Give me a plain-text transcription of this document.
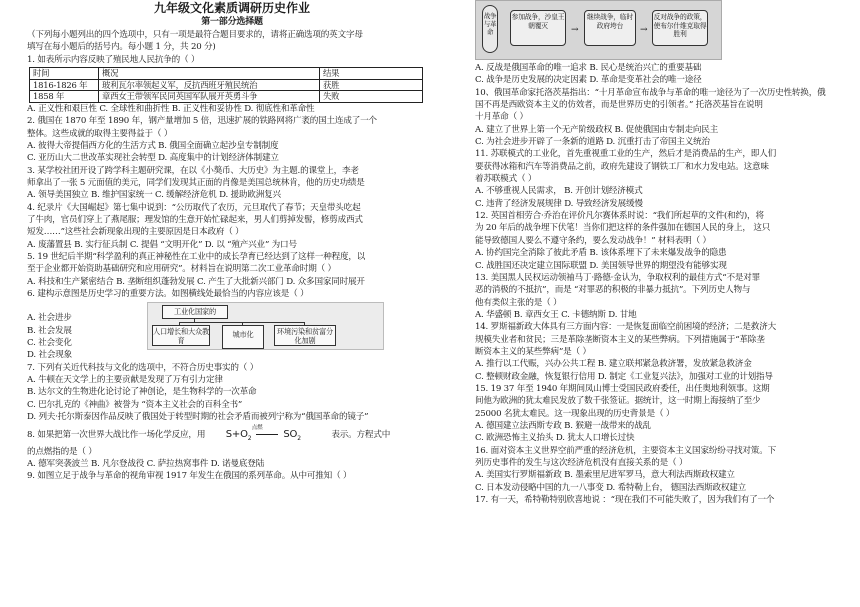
九年级文化素质调研历史作业
第一部分选择题

（下列每小题列出的四个选项中，只有一项是最符合题目要求的，请将正确选项的英文字母

填写在每小题后的括号内。每小题 1 分，共 20 分)

1. 如表所示内容反映了殖民地人民抗争的（ ）

时间	概况	结果
1816-1826 年	玻利瓦尔率领起义军，反抗西班牙殖民统治	获胜
1858 年	章西女王带领军民同英国军队展开英勇斗争	失败

A. 正义性和艰巨性 C. 全球性和曲折性 B. 正义性和妥协性 D. 彻底性和革命性

2. 俄国在 1870 年至 1890 年，钢产量增加 5 倍，迅速扩展的铁路网将广袤的国土连成了一个

整体。这些成就的取得主要得益于（ ）

A. 彼得大帝提倡西方化的生活方式 B. 俄国全面确立起沙皇专制制度

C. 亚历山大二世改革实现社会转型 D. 高度集中的计划经济体制建立

3. 某学校社团开设了跨学科主题研究课，在以《小獒币、大历史》为主题.的课堂上，李老

师拿出了一张 5 元面值的美元，同学们发现其正面的肖像是美国总统林肯，他的历史功绩是

A. 领导美国独立 B. 维护国家统一 C. 缓解经济危机 D. 援助欧洲复兴

4. 纪录片《大国崛起》第七集中说到：“公历取代了农历，元旦取代了春节；天皇带头吃起

了牛肉，官员们穿上了燕尾服；理发馆的生意开始忙碌起来，男人们剪掉发髻，修剪成西式

短发……”这些社会新现象出现的主要原因是日本政府（ ）

A. 废藩置县 B. 实行征兵制 C. 提倡 “文明开化” D. 以 “殖产兴业” 为口号

5. 19 世纪后半期“科学盈利的真正神秘性在工业中的成长孕育已经达到了这样一种程度，以

至于企业都开始资助基础研究和应用研究”。材料旨在说明第二次工业革命时期（ ）

A. 科技和生产紧密结合 B. 垄断组织蓬勃发展 C. 产生了大批新兴部门 D. 众多国家同时展开

6. 建构示意图是历史学习的重要方法。如图横线处最恰当的内容应该是（ ）

A. 社会进步

B. 社会发展

C. 社会变化

D. 社会现象

工业化国家的
人口增长和大众教育
城市化	环境污染和贫富分化加剧

7. 下列有关近代科技与文化的选项中，不符合历史事实的（ ）

A. 牛顿在天文学上的主要贡献是发现了万有引力定律

B. 达尔文的生物进化论讨论了神创论，是生物科学的一次革命

C. 巴尔扎克的《神曲》被誉为 “资本主义社会的百科全书”

D. 列夫·托尔斯泰因作品反映了俄国处于转型时期的社会矛盾而被列宁称为“俄国革命的镜子”

8. 如果把第一次世界大战比作一场化学反应，用 $S+O_2$
点燃
$SO_2$	表示。方程式中

的点燃指的是（ ）

A. 德军突袭波兰 B. 凡尔登战役 C. 萨拉热窝事件 D. 诺曼底登陆

9. 如图立足于战争与革命的视角审视 1917 年发生在俄国的系列革命。从中可推知（ ）

战争与革命
参加战争，沙皇王朝覆灭	→
继续战争，临时政府垮台	→
反对战争的政策，使布尔什维克取得胜利

A. 反战是俄国革命的唯一追求 B. 民心是统治兴亡的重要基础

C. 战争是历史发展的决定因素 D. 革命是变革社会的唯一途径

10、俄国革命家托洛茨基指出：“十月革命宣布战争与革命的唯一途径为了一次历史性转换，俄

国不再是西欧资本主义的仿效者，而是世界历史的引领者。” 托洛茨基旨在说明

十月革命（ ）

A. 建立了世界上第一个无产阶级政权 B. 促使俄国由专制走向民主

C. 为社会进步开辟了一条新的道路 D. 沉重打击了帝国主义统治

11. 苏联模式的工业化，首先重视重工业的生产，然后才是消费品的生产，即人们

要获得冰箱和汽车等消费品之前，政府先建设了钢铁工厂和水力发电站。这意味

着苏联模式（ ）

A. 不够重视人民需求， B. 开创计划经济模式

C. 违背了经济发展规律 D. 导致经济发展缓慢

12. 英国首相劳合·乔治在评价凡尔赛体系时说：“我们所起草的文件(和约)，将

为 20 年后的战争埋下伏笔！当你们把这样的条件强加在德国人民的身上， 这只

能导致德国人要么不遵守条约，要么发动战争！” 材料表明（ ）

A. 协约国完全消除了彼此矛盾 B. 该体系埋下了未来爆发战争的隐患

C. 战胜国还决定建立国际联盟 D. 美国领导世界的期望没有能够实现

13. 美国黑人民权运动领袖马丁·路德·金认为，争取权利的最佳方式“不是对罪

恶的消极的不抵抗”，而是 “对罪恶的积极的非暴力抵抗”。下列历史人物与

他有类似主张的是（ ）

A. 华盛顿 B. 章西女王 C. 卡德纳斯 D. 甘地

14. 罗斯福新政大体具有三方面内容：一是恢复面临空前困境的经济；二是救济大

规模失业者和贫民；三是革除垄断资本主义的某些弊病。下列措施属于“革除垄

断资本主义的某些弊病”是（ ）

A. 推行以工代赈，兴办公共工程 B. 建立联邦紧急救济署，发放紧急救济金

C. 整顿财政金融，恢复银行信用 D. 制定《工业复兴法》，加强对工业的计划指导

15. 19 37 年至 1940 年期间凤山博士受国民政府委任，出任奥地利领事。这期

间他为欧洲的犹太难民发放了数千张签证。据统计，这一时期上海接纳了至少

25000 名犹太难民。这一现象出现的历史背景是（ ）

A. 德国建立法西斯专政 B. 猴避一战带来的战乱

C. 欧洲恐怖主义抬头 D. 犹太人口增长过快

16. 面对资本主义世界空前严重的经济危机，主要资本主义国家纷纷寻找对策。下

列历史事件的发生与这次经济危机没有直接关系的是（ ）

A. 美国实行罗斯福新政 B. 墨索里尼进军罗马，意大利法西斯政权建立

C. 日本发动侵略中国的九一八事变 D. 希特勒上台， 德国法西斯政权建立

17. 有一天，希特勒特别欣喜地说 ：“现在我们不可能失败了，因为我们有了一个
